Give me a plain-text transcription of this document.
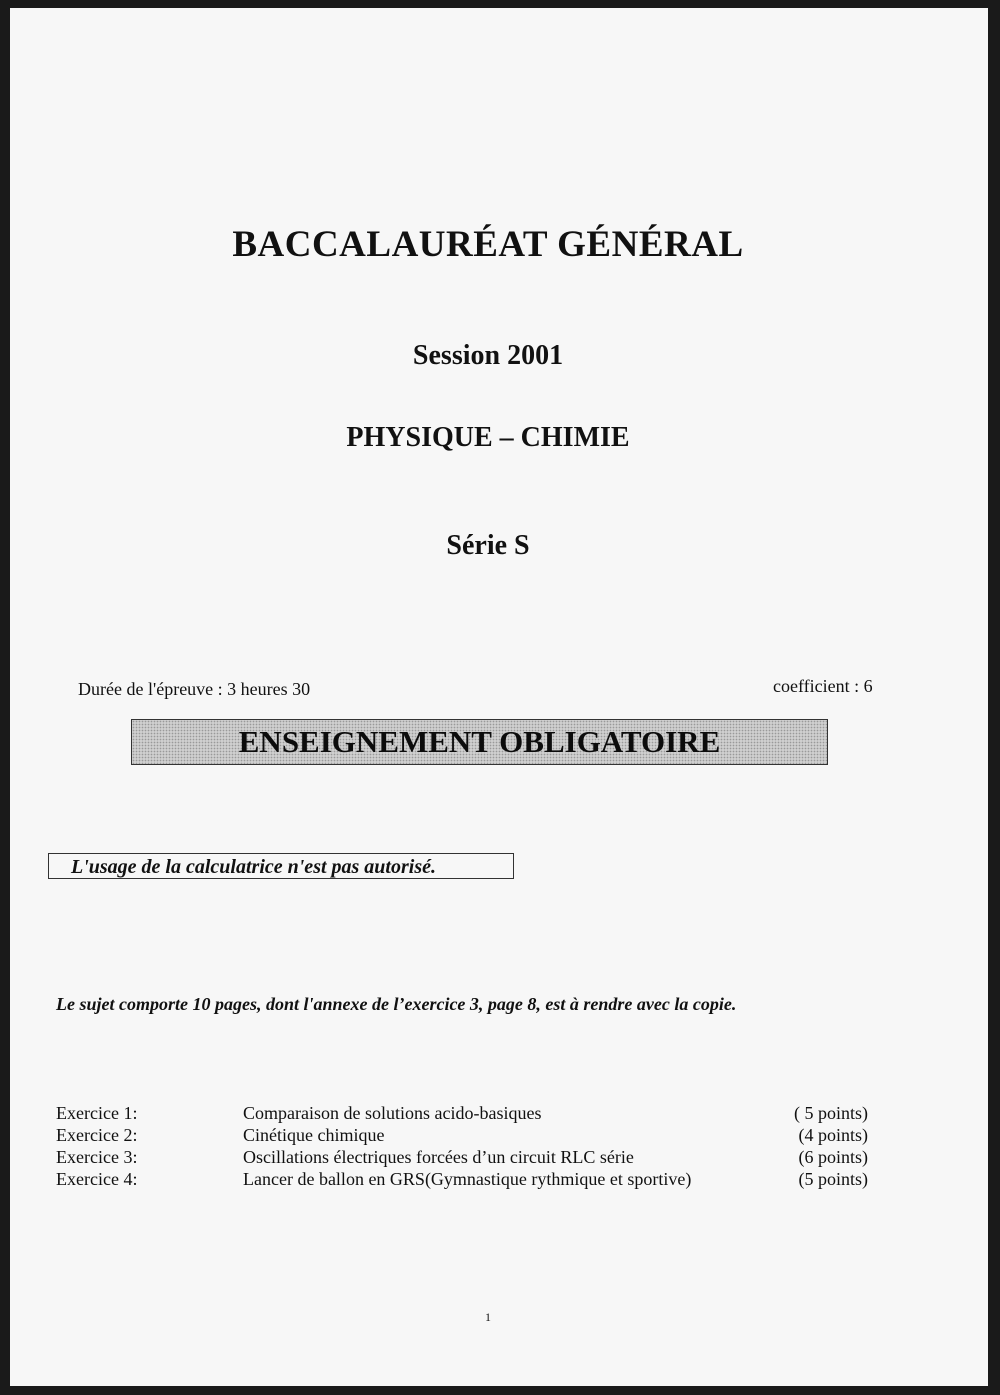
BACCALAURÉAT GÉNÉRAL
Session 2001
PHYSIQUE – CHIMIE
Série S
Durée de l'épreuve : 3 heures 30	coefficient : 6
ENSEIGNEMENT OBLIGATOIRE
L'usage de la calculatrice n'est pas autorisé.
Le sujet comporte 10 pages, dont l'annexe de l’exercice 3, page 8, est à rendre avec la copie.
Exercice 1:	Comparaison de solutions acido-basiques	( 5 points)
Exercice 2:	Cinétique chimique	(4 points)
Exercice 3:	Oscillations électriques forcées d’un circuit RLC série	(6 points)
Exercice 4:	Lancer de ballon en GRS(Gymnastique rythmique et sportive)	(5 points)
1
